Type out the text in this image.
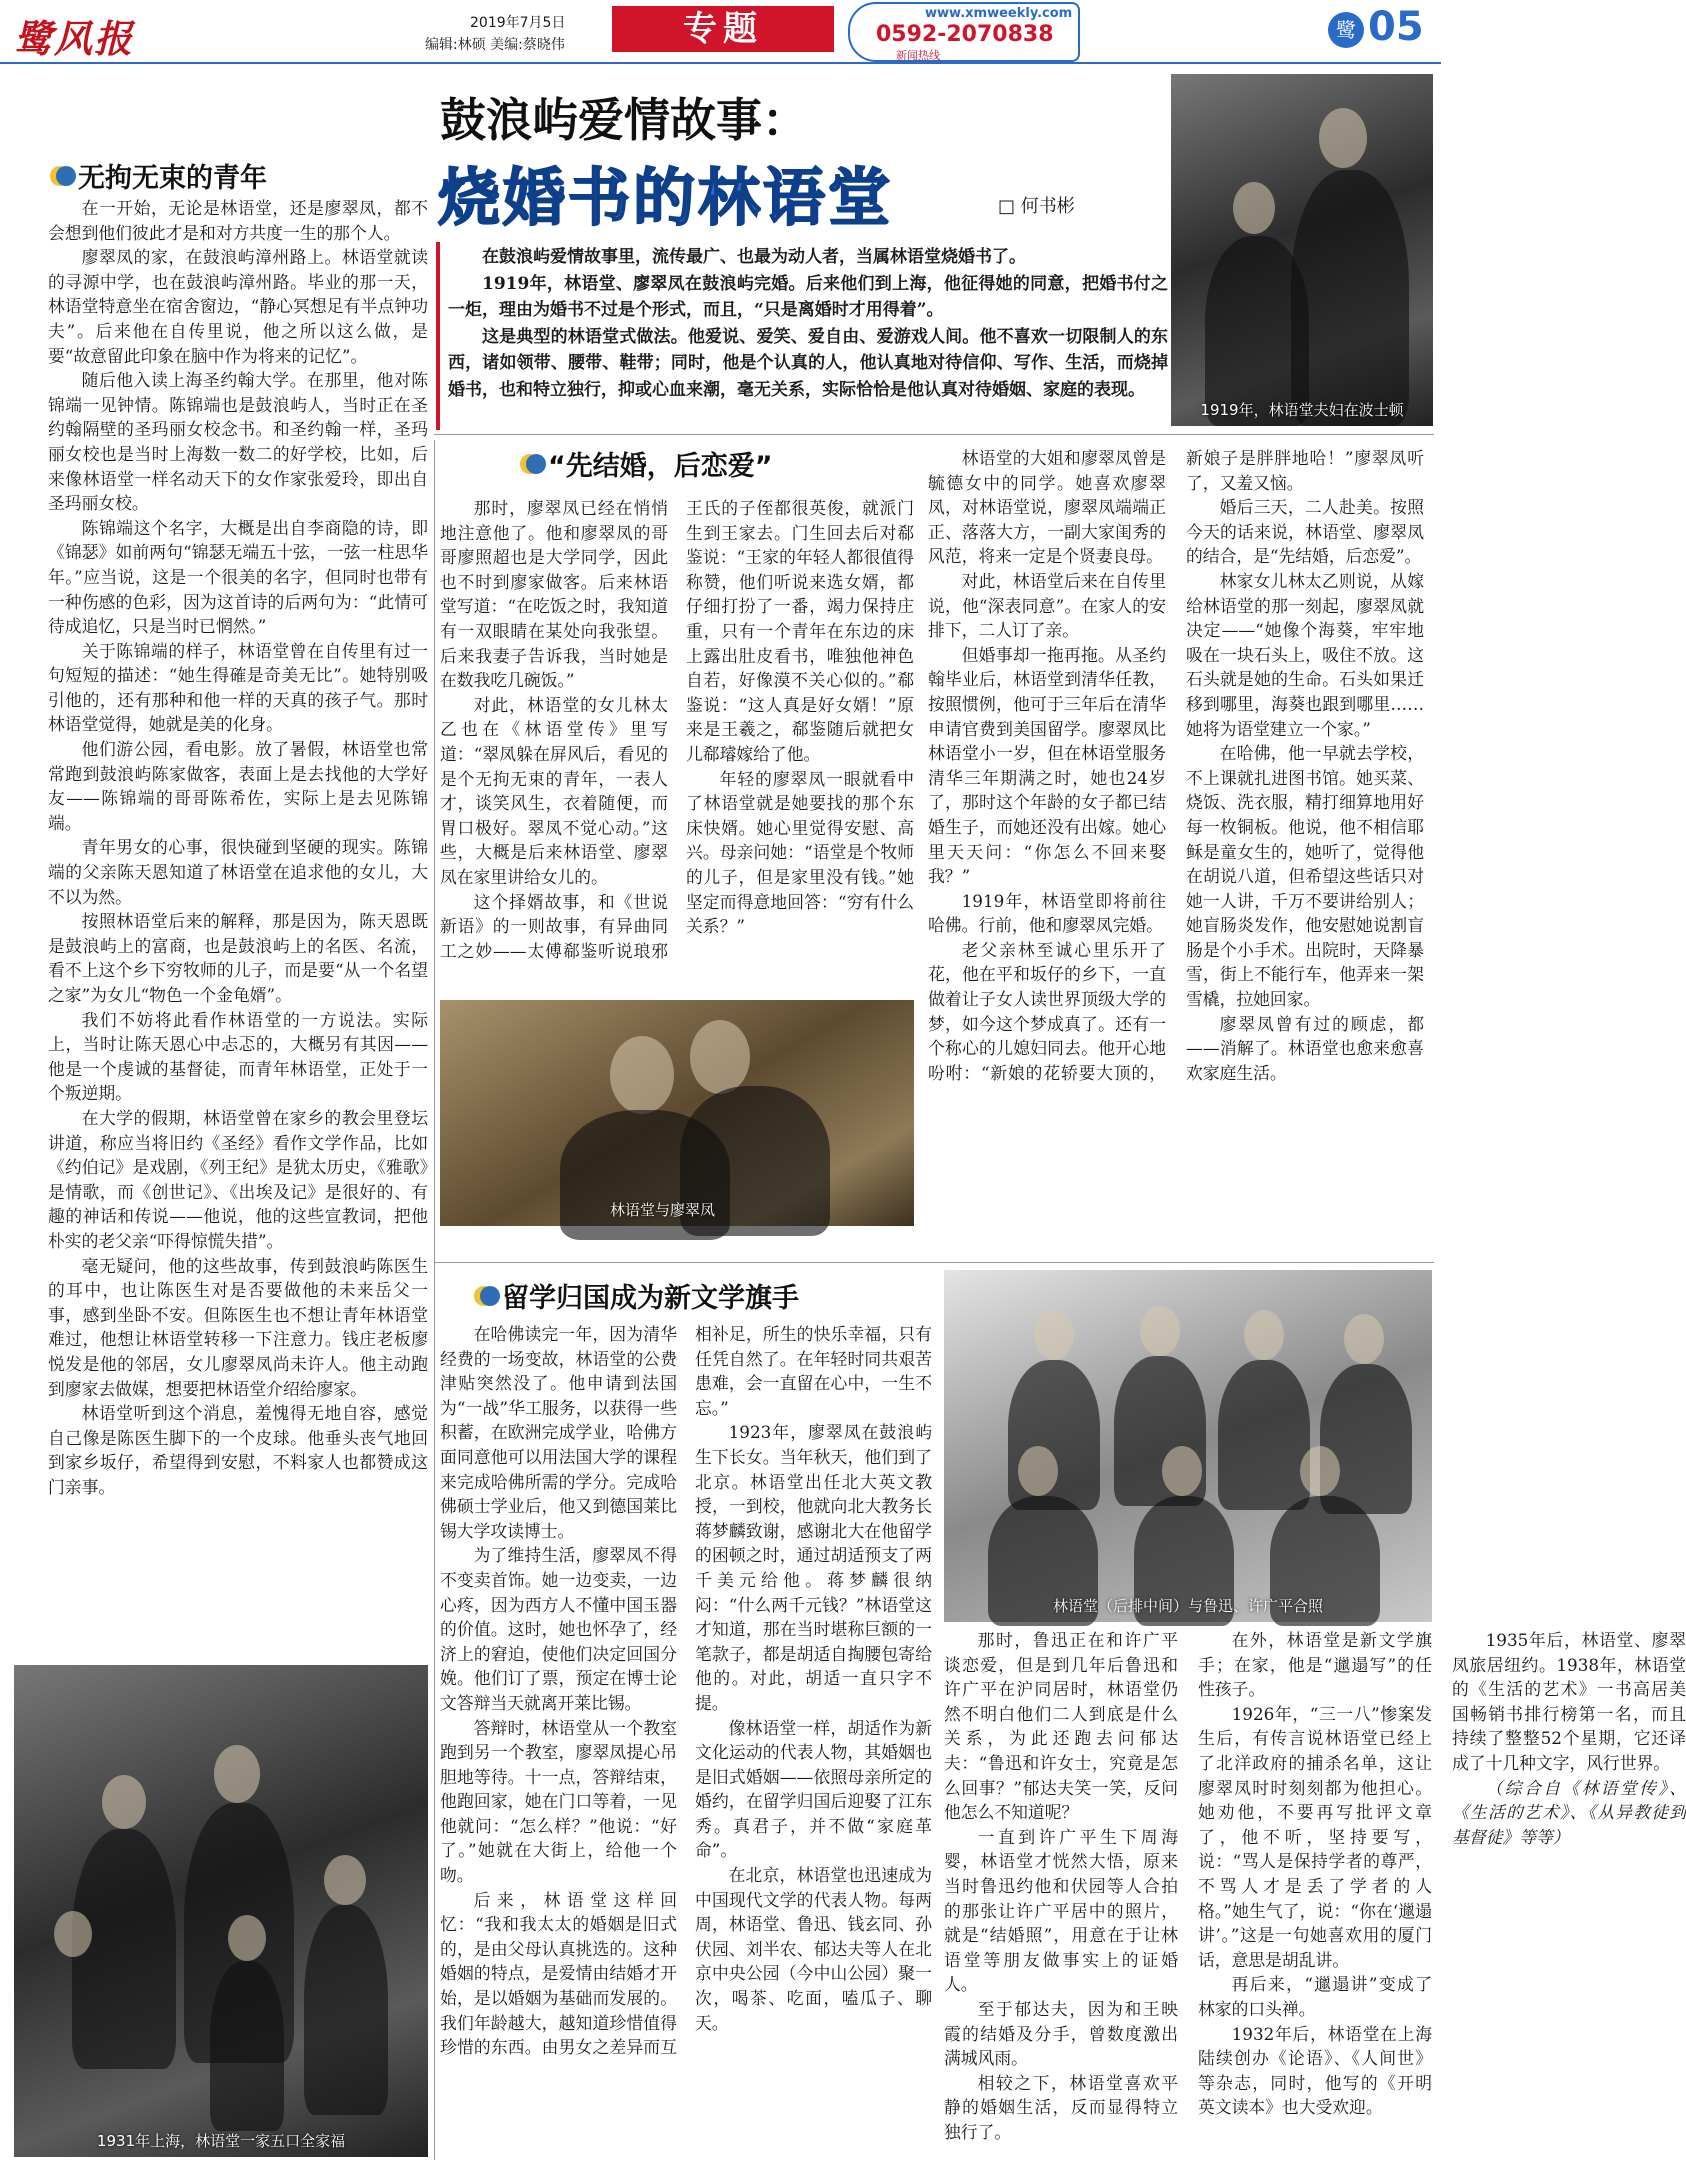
鹭风报	2019年7月5日
编辑:林硕 美编:蔡晓伟	专题	www.xmweekly.com
0592-2070838
新闻热线
鹭 05
鼓浪屿爱情故事：
烧婚书的林语堂	□ 何书彬

在鼓浪屿爱情故事里，流传最广、也最为动人者，当属林语堂烧婚书了。

1919年，林语堂、廖翠凤在鼓浪屿完婚。后来他们到上海，他征得她的同意，把婚书付之一炬，理由为婚书不过是个形式，而且，“只是离婚时才用得着”。

这是典型的林语堂式做法。他爱说、爱笑、爱自由、爱游戏人间。他不喜欢一切限制人的东西，诸如领带、腰带、鞋带；同时，他是个认真的人，他认真地对待信仰、写作、生活，而烧掉婚书，也和特立独行，抑或心血来潮，毫无关系，实际恰恰是他认真对待婚姻、家庭的表现。

1919年，林语堂夫妇在波士顿
无拘无束的青年

在一开始，无论是林语堂，还是廖翠凤，都不会想到他们彼此才是和对方共度一生的那个人。

廖翠凤的家，在鼓浪屿漳州路上。林语堂就读的寻源中学，也在鼓浪屿漳州路。毕业的那一天，林语堂特意坐在宿舍窗边，“静心冥想足有半点钟功夫”。后来他在自传里说，他之所以这么做，是要“故意留此印象在脑中作为将来的记忆”。

随后他入读上海圣约翰大学。在那里，他对陈锦端一见钟情。陈锦端也是鼓浪屿人，当时正在圣约翰隔壁的圣玛丽女校念书。和圣约翰一样，圣玛丽女校也是当时上海数一数二的好学校，比如，后来像林语堂一样名动天下的女作家张爱玲，即出自圣玛丽女校。

陈锦端这个名字，大概是出自李商隐的诗，即《锦瑟》如前两句“锦瑟无端五十弦，一弦一柱思华年。”应当说，这是一个很美的名字，但同时也带有一种伤感的色彩，因为这首诗的后两句为：“此情可待成追忆，只是当时已惘然。”

关于陈锦端的样子，林语堂曾在自传里有过一句短短的描述：“她生得確是奇美无比”。她特别吸引他的，还有那种和他一样的天真的孩子气。那时林语堂觉得，她就是美的化身。

他们游公园，看电影。放了暑假，林语堂也常常跑到鼓浪屿陈家做客，表面上是去找他的大学好友——陈锦端的哥哥陈希佐，实际上是去见陈锦端。

青年男女的心事，很快碰到坚硬的现实。陈锦端的父亲陈天恩知道了林语堂在追求他的女儿，大不以为然。

按照林语堂后来的解释，那是因为，陈天恩既是鼓浪屿上的富商，也是鼓浪屿上的名医、名流，看不上这个乡下穷牧师的儿子，而是要“从一个名望之家”为女儿“物色一个金龟婿”。

我们不妨将此看作林语堂的一方说法。实际上，当时让陈天恩心中忐忑的，大概另有其因——他是一个虔诚的基督徒，而青年林语堂，正处于一个叛逆期。

在大学的假期，林语堂曾在家乡的教会里登坛讲道，称应当将旧约《圣经》看作文学作品，比如《约伯记》是戏剧，《列王纪》是犹太历史，《雅歌》是情歌，而《创世记》、《出埃及记》是很好的、有趣的神话和传说——他说，他的这些宣教词，把他朴实的老父亲“吓得惊慌失措”。

毫无疑问，他的这些故事，传到鼓浪屿陈医生的耳中，也让陈医生对是否要做他的未来岳父一事，感到坐卧不安。但陈医生也不想让青年林语堂难过，他想让林语堂转移一下注意力。钱庄老板廖悦发是他的邻居，女儿廖翠凤尚未许人。他主动跑到廖家去做媒，想要把林语堂介绍给廖家。

林语堂听到这个消息，羞愧得无地自容，感觉自己像是陈医生脚下的一个皮球。他垂头丧气地回到家乡坂仔，希望得到安慰，不料家人也都赞成这门亲事。

1931年上海，林语堂一家五口全家福
“先结婚，后恋爱”

那时，廖翠凤已经在悄悄地注意他了。他和廖翠凤的哥哥廖照超也是大学同学，因此也不时到廖家做客。后来林语堂写道：“在吃饭之时，我知道有一双眼睛在某处向我张望。后来我妻子告诉我，当时她是在数我吃几碗饭。”

对此，林语堂的女儿林太乙也在《林语堂传》里写道：“翠凤躲在屏风后，看见的是个无拘无束的青年，一表人才，谈笑风生，衣着随便，而胃口极好。翠凤不觉心动。”这些，大概是后来林语堂、廖翠凤在家里讲给女儿的。

这个择婿故事，和《世说新语》的一则故事，有异曲同工之妙——太傅郗鉴听说琅邪王氏的子侄都很英俊，就派门生到王家去。门生回去后对郗鉴说：“王家的年轻人都很值得称赞，他们听说来选女婿，都仔细打扮了一番，竭力保持庄重，只有一个青年在东边的床上露出肚皮看书，唯独他神色自若，好像漠不关心似的。”郗鉴说：“这人真是好女婿！”原来是王羲之，郗鉴随后就把女儿郗璿嫁给了他。

年轻的廖翠凤一眼就看中了林语堂就是她要找的那个东床快婿。她心里觉得安慰、高兴。母亲问她：“语堂是个牧师的儿子，但是家里没有钱。”她坚定而得意地回答：“穷有什么关系？”

林语堂与廖翠凤

林语堂的大姐和廖翠凤曾是毓德女中的同学。她喜欢廖翠凤，对林语堂说，廖翠凤端端正正、落落大方，一副大家闺秀的风范，将来一定是个贤妻良母。

对此，林语堂后来在自传里说，他“深表同意”。在家人的安排下，二人订了亲。

但婚事却一拖再拖。从圣约翰毕业后，林语堂到清华任教，按照惯例，他可于三年后在清华申请官费到美国留学。廖翠凤比林语堂小一岁，但在林语堂服务清华三年期满之时，她也24岁了，那时这个年龄的女子都已结婚生子，而她还没有出嫁。她心里天天问：“你怎么不回来娶我？”

1919年，林语堂即将前往哈佛。行前，他和廖翠凤完婚。

老父亲林至诚心里乐开了花，他在平和坂仔的乡下，一直做着让子女人读世界顶级大学的梦，如今这个梦成真了。还有一个称心的儿媳妇同去。他开心地吩咐：“新娘的花轿要大顶的，新娘子是胖胖地哈！”廖翠凤听了，又羞又恼。

婚后三天，二人赴美。按照今天的话来说，林语堂、廖翠凤的结合，是“先结婚，后恋爱”。

林家女儿林太乙则说，从嫁给林语堂的那一刻起，廖翠凤就决定——“她像个海葵，牢牢地吸在一块石头上，吸住不放。这石头就是她的生命。石头如果迁移到哪里，海葵也跟到哪里……她将为语堂建立一个家。”

在哈佛，他一早就去学校，不上课就扎进图书馆。她买菜、烧饭、洗衣服，精打细算地用好每一枚铜板。他说，他不相信耶稣是童女生的，她听了，觉得他在胡说八道，但希望这些话只对她一人讲，千万不要讲给别人；她盲肠炎发作，他安慰她说割盲肠是个小手术。出院时，天降暴雪，街上不能行车，他弄来一架雪橇，拉她回家。

廖翠凤曾有过的顾虑，都——消解了。林语堂也愈来愈喜欢家庭生活。

留学归国成为新文学旗手
林语堂（后排中间）与鲁迅、许广平合照

在哈佛读完一年，因为清华经费的一场变故，林语堂的公费津贴突然没了。他申请到法国为“一战”华工服务，以获得一些积蓄，在欧洲完成学业，哈佛方面同意他可以用法国大学的课程来完成哈佛所需的学分。完成哈佛硕士学业后，他又到德国莱比锡大学攻读博士。

为了维持生活，廖翠凤不得不变卖首饰。她一边变卖，一边心疼，因为西方人不懂中国玉器的价值。这时，她也怀孕了，经济上的窘迫，使他们决定回国分娩。他们订了票，预定在博士论文答辩当天就离开莱比锡。

答辩时，林语堂从一个教室跑到另一个教室，廖翠凤提心吊胆地等待。十一点，答辩结束，他跑回家，她在门口等着，一见他就问：“怎么样？”他说：“好了。”她就在大街上，给他一个吻。

后来，林语堂这样回忆：“我和我太太的婚姻是旧式的，是由父母认真挑选的。这种婚姻的特点，是爱情由结婚才开始，是以婚姻为基础而发展的。我们年龄越大，越知道珍惜值得珍惜的东西。由男女之差异而互相补足，所生的快乐幸福，只有任凭自然了。在年轻时同共艰苦患难，会一直留在心中，一生不忘。”

1923年，廖翠凤在鼓浪屿生下长女。当年秋天，他们到了北京。林语堂出任北大英文教授，一到校，他就向北大教务长蒋梦麟致谢，感谢北大在他留学的困顿之时，通过胡适预支了两千美元给他。蒋梦麟很纳闷：“什么两千元钱？”林语堂这才知道，那在当时堪称巨额的一笔款子，都是胡适自掏腰包寄给他的。对此，胡适一直只字不提。

像林语堂一样，胡适作为新文化运动的代表人物，其婚姻也是旧式婚姻——依照母亲所定的婚约，在留学归国后迎娶了江东秀。真君子，并不做“家庭革命”。

在北京，林语堂也迅速成为中国现代文学的代表人物。每两周，林语堂、鲁迅、钱玄同、孙伏园、刘半农、郁达夫等人在北京中央公园（今中山公园）聚一次，喝茶、吃面，嗑瓜子、聊天。

那时，鲁迅正在和许广平谈恋爱，但是到几年后鲁迅和许广平在沪同居时，林语堂仍然不明白他们二人到底是什么关系，为此还跑去问郁达夫：“鲁迅和许女士，究竟是怎么回事？”郁达夫笑一笑，反问他怎么不知道呢？

一直到许广平生下周海婴，林语堂才恍然大悟，原来当时鲁迅约他和伏园等人合拍的那张让许广平居中的照片，就是“结婚照”，用意在于让林语堂等朋友做事实上的证婚人。

至于郁达夫，因为和王映霞的结婚及分手，曾数度激出满城风雨。

相较之下，林语堂喜欢平静的婚姻生活，反而显得特立独行了。

在外，林语堂是新文学旗手；在家，他是“邋遢写”的任性孩子。

1926年，“三一八”惨案发生后，有传言说林语堂已经上了北洋政府的捕杀名单，这让廖翠凤时时刻刻都为他担心。她劝他，不要再写批评文章了，他不听，坚持要写，说：“骂人是保持学者的尊严，不骂人才是丢了学者的人格。”她生气了，说：“你在‘邋遢讲’。”这是一句她喜欢用的厦门话，意思是胡乱讲。

再后来，“邋遢讲”变成了林家的口头禅。

1932年后，林语堂在上海陆续创办《论语》、《人间世》等杂志，同时，他写的《开明英文读本》也大受欢迎。

1935年后，林语堂、廖翠凤旅居纽约。1938年，林语堂的《生活的艺术》一书高居美国畅销书排行榜第一名，而且持续了整整52个星期，它还译成了十几种文字，风行世界。

（综合自《林语堂传》、《生活的艺术》、《从异教徒到基督徒》等等）
